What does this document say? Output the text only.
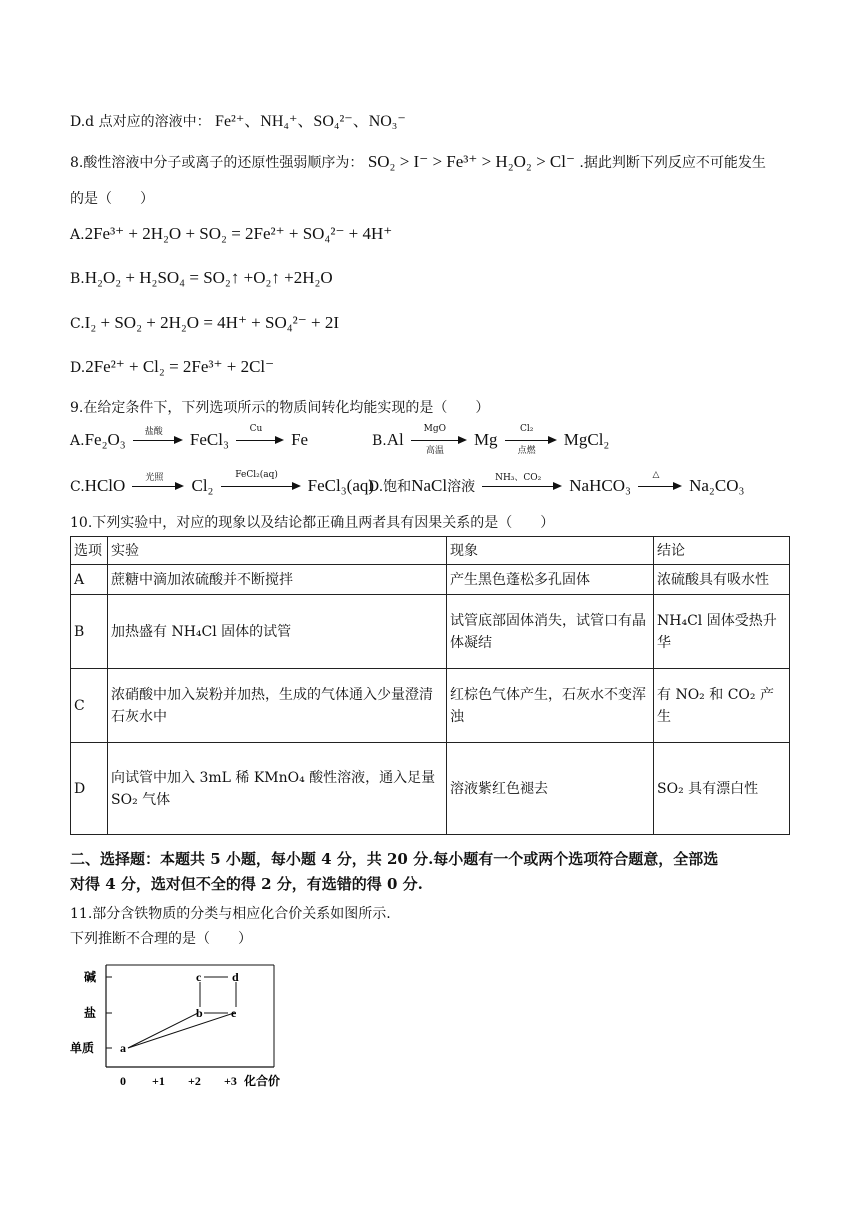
D.d 点对应的溶液中： Fe²⁺、NH₄⁺、SO₄²⁻、NO₃⁻
8.酸性溶液中分子或离子的还原性强弱顺序为： SO₂ > I⁻ > Fe³⁺ > H₂O₂ > Cl⁻ .据此判断下列反应不可能发生
的是（　　）
A.2Fe³⁺ + 2H₂O + SO₂ = 2Fe²⁺ + SO₄²⁻ + 4H⁺
B.H₂O₂ + H₂SO₄ = SO₂↑ +O₂↑ +2H₂O
C.I₂ + SO₂ + 2H₂O = 4H⁺ + SO₄²⁻ + 2I
D.2Fe²⁺ + Cl₂ = 2Fe³⁺ + 2Cl⁻
9.在给定条件下，下列选项所示的物质间转化均能实现的是（　　）
A.Fe₂O₃	盐酸	FeCl₃
Cu
Fe	B.Al
MgO
高温
Mg
Cl₂
点燃
MgCl₂
C.HClO	光照	Cl₂
FeCl₂(aq)
FeCl₃(aq)
D.饱和NaCl溶液
NH₃、CO₂	NaHCO₃
△
Na₂CO₃
10.下列实验中，对应的现象以及结论都正确且两者具有因果关系的是（　　）
选项	实验	现象	结论
A	蔗糖中滴加浓硫酸并不断搅拌	产生黑色蓬松多孔固体	浓硫酸具有吸水性
B	加热盛有 NH₄Cl 固体的试管	试管底部固体消失，试管口有晶体凝结	NH₄Cl 固体受热升华
C	浓硝酸中加入炭粉并加热，生成的气体通入少量澄清石灰水中	红棕色气体产生，石灰水不变浑浊	有 NO₂ 和 CO₂ 产生
D	向试管中加入 3mL 稀 KMnO₄ 酸性溶液，通入足量 SO₂ 气体	溶液紫红色褪去	SO₂ 具有漂白性
二、选择题：本题共 5 小题，每小题 4 分，共 20 分.每小题有一个或两个选项符合题意，全部选
对得 4 分，选对但不全的得 2 分，有选错的得 0 分.
11.部分含铁物质的分类与相应化合价关系如图所示.
下列推断不合理的是（　　）
碱
盐
单质
0 +1 +2 +3 化合价
a
b
c	d
e
